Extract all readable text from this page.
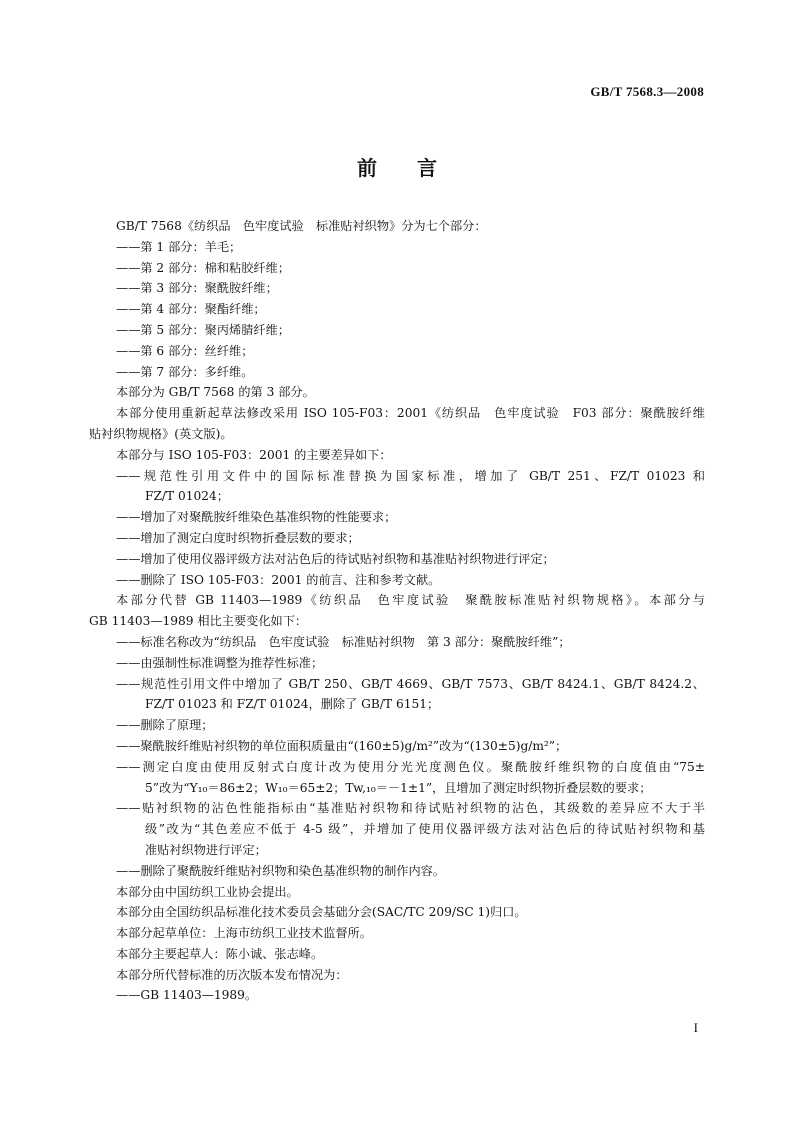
GB/T 7568.3—2008
前言
GB/T 7568《纺织品　色牢度试验　标准贴衬织物》分为七个部分：
——第 1 部分：羊毛；
——第 2 部分：棉和粘胶纤维；
——第 3 部分：聚酰胺纤维；
——第 4 部分：聚酯纤维；
——第 5 部分：聚丙烯腈纤维；
——第 6 部分：丝纤维；
——第 7 部分：多纤维。
本部分为 GB/T 7568 的第 3 部分。
本部分使用重新起草法修改采用 ISO 105-F03：2001《纺织品　色牢度试验　F03 部分：聚酰胺纤维
贴衬织物规格》(英文版)。
本部分与 ISO 105-F03：2001 的主要差异如下：
——规范性引用文件中的国际标准替换为国家标准，增加了 GB/T 251、FZ/T 01023 和
FZ/T 01024；
——增加了对聚酰胺纤维染色基准织物的性能要求；
——增加了测定白度时织物折叠层数的要求；
——增加了使用仪器评级方法对沾色后的待试贴衬织物和基准贴衬织物进行评定；
——删除了 ISO 105-F03：2001 的前言、注和参考文献。
本部分代替 GB 11403—1989《纺织品　色牢度试验　聚酰胺标准贴衬织物规格》。本部分与
GB 11403—1989 相比主要变化如下：
——标准名称改为“纺织品　色牢度试验　标准贴衬织物　第 3 部分：聚酰胺纤维”；
——由强制性标准调整为推荐性标准；
——规范性引用文件中增加了 GB/T 250、GB/T 4669、GB/T 7573、GB/T 8424.1、GB/T 8424.2、
FZ/T 01023 和 FZ/T 01024，删除了 GB/T 6151；
——删除了原理；
——聚酰胺纤维贴衬织物的单位面积质量由“(160±5)g/m²”改为“(130±5)g/m²”；
——测定白度由使用反射式白度计改为使用分光光度测色仪。聚酰胺纤维织物的白度值由“75±
5”改为“Y₁₀＝86±2；W₁₀＝65±2；Tw,₁₀＝－1±1”，且增加了测定时织物折叠层数的要求；
——贴衬织物的沾色性能指标由“基准贴衬织物和待试贴衬织物的沾色，其级数的差异应不大于半
级”改为“其色差应不低于 4-5 级”，并增加了使用仪器评级方法对沾色后的待试贴衬织物和基
准贴衬织物进行评定；
——删除了聚酰胺纤维贴衬织物和染色基准织物的制作内容。
本部分由中国纺织工业协会提出。
本部分由全国纺织品标准化技术委员会基础分会(SAC/TC 209/SC 1)归口。
本部分起草单位：上海市纺织工业技术监督所。
本部分主要起草人：陈小诚、张志峰。
本部分所代替标准的历次版本发布情况为：
——GB 11403—1989。
I
